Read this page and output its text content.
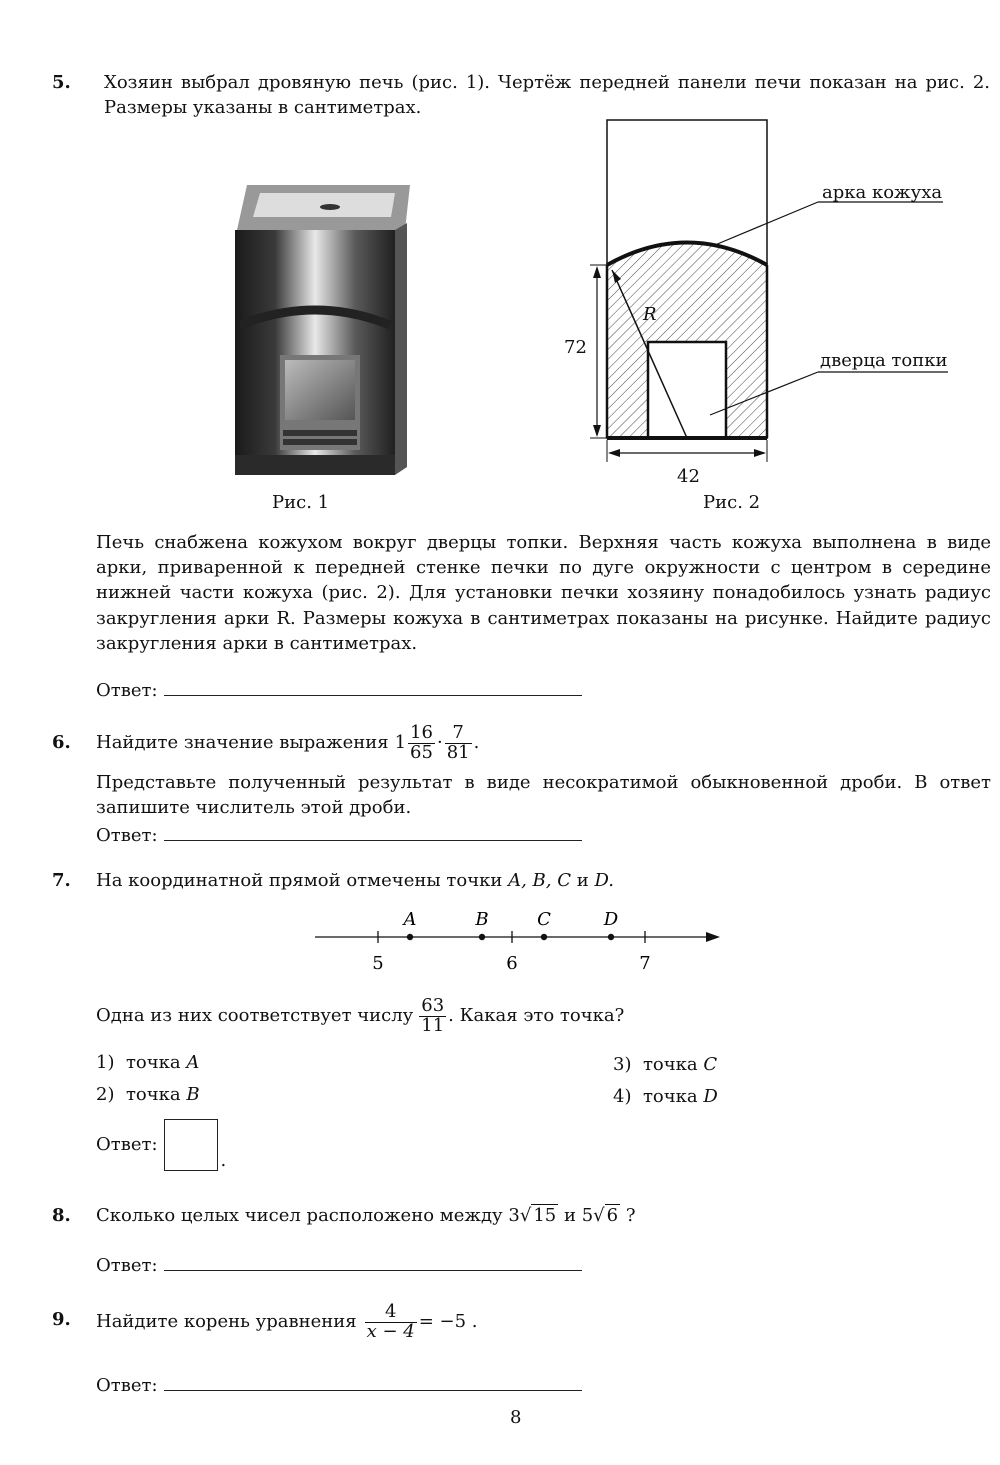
5. Хозяин выбрал дровяную печь (рис. 1). Чертёж передней панели печи показан на рис. 2. Размеры указаны в сантиметрах.
Рис. 1
арка кожуха
дверца топки
R
72
42
Рис. 2
Печь снабжена кожухом вокруг дверцы топки. Верхняя часть кожуха выполнена в виде арки, приваренной к передней стенке печки по дуге окружности с центром в середине нижней части кожуха (рис. 2). Для установки печки хозяину понадобилось узнать радиус закругления арки R. Размеры кожуха в сантиметрах показаны на рисунке. Найдите радиус закругления арки в сантиметрах.
Ответ:
6. Найдите значение выражения $1 \frac{16}{65} \cdot \frac{7}{81}$ .
Представьте полученный результат в виде несократимой обыкновенной дроби. В ответ запишите числитель этой дроби.
Ответ:
7. На координатной прямой отмечены точки A, B, C и D.
A	B	C	D
5	6	7
Одна из них соответствует числу $\frac{63}{11}$ . Какая это точка?
1) точка A
2) точка B
3) точка C
4) точка D
Ответ:
.
8. Сколько целых чисел расположено между 3√ 15 и 5√ 6 ?
Ответ:
9. Найдите корень уравнения $\frac{4}{x - 4} = -5$ .
Ответ:
8
